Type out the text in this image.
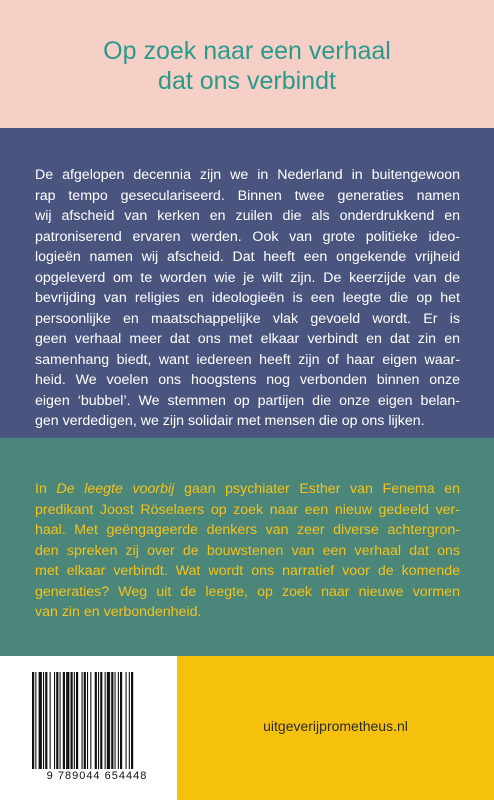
Op zoek naar een verhaal
dat ons verbindt

De afgelopen decennia zijn we in Nederland in buitengewoon
rap tempo geseculariseerd. Binnen twee generaties namen
wij afscheid van kerken en zuilen die als onderdrukkend en
patroniserend ervaren werden. Ook van grote politieke ideo-
logieën namen wij afscheid. Dat heeft een ongekende vrijheid
opgeleverd om te worden wie je wilt zijn. De keerzijde van de
bevrijding van religies en ideologieën is een leegte die op het
persoonlijke en maatschappelijke vlak gevoeld wordt. Er is
geen verhaal meer dat ons met elkaar verbindt en dat zin en
samenhang biedt, want iedereen heeft zijn of haar eigen waar-
heid. We voelen ons hoogstens nog verbonden binnen onze
eigen ‘bubbel’. We stemmen op partijen die onze eigen belan-
gen verdedigen, we zijn solidair met mensen die op ons lijken.

In De leegte voorbij gaan psychiater Esther van Fenema en
predikant Joost Röselaers op zoek naar een nieuw gedeeld ver-
haal. Met geëngageerde denkers van zeer diverse achtergron-
den spreken zij over de bouwstenen van een verhaal dat ons
met elkaar verbindt. Wat wordt ons narratief voor de komende
generaties? Weg uit de leegte, op zoek naar nieuwe vormen
van zin en verbondenheid.

9 789044 654448
uitgeverijprometheus.nl
